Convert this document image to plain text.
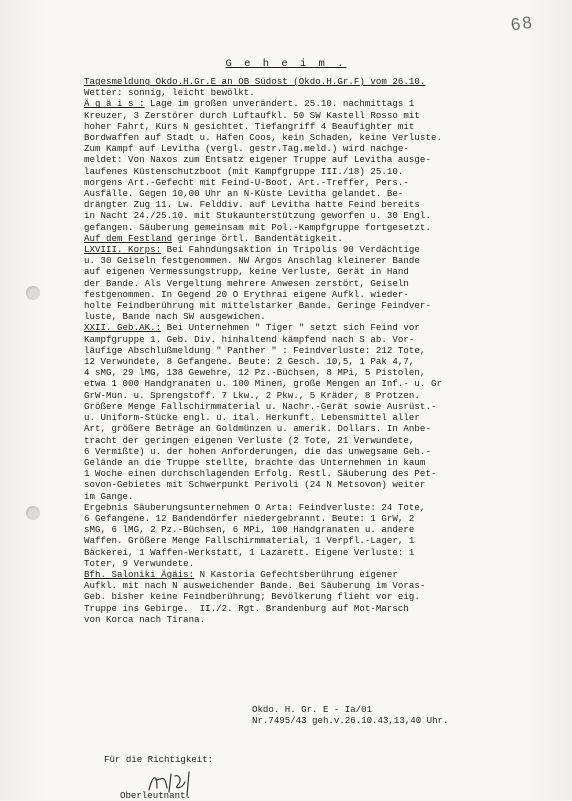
68
G e h e i m .
Tagesmeldung Okdo.H.Gr.E an OB Südost (Okdo.H.Gr.F) vom 26.10.
Wetter: sonnig, leicht bewölkt.
Ä g ä i s : Lage im großen unverändert. 25.10. nachmittags 1
Kreuzer, 3 Zerstörer durch Luftaufkl. 50 SW Kastell Rosso mit
hoher Fahrt, Kurs N gesichtet. Tiefangriff 4 Beaufighter mit
Bordwaffen auf Stadt u. Hafen Coos, kein Schaden, keine Verluste.
Zum Kampf auf Levitha (vergl. gestr.Tag.meld.) wird nachge-
meldet: Von Naxos zum Entsatz eigener Truppe auf Levitha ausge-
laufenes Küstenschutzboot (mit Kampfgruppe III./18) 25.10.
morgens Art.-Gefecht mit Feind-U-Boot. Art.-Treffer, Pers.-
Ausfälle. Gegen 10,00 Uhr an N-Küste Levitha gelandet. Be-
drängter Zug 11. Lw. Felddiv. auf Levitha hatte Feind bereits
in Nacht 24./25.10. mit Stukaunterstützung geworfen u. 30 Engl.
gefangen. Säuberung gemeinsam mit Pol.-Kampfgruppe fortgesetzt.
Auf dem Festland geringe örtl. Bandentätigkeit.
LXVIII. Korps: Bei Fahndungsaktion in Tripolis 90 Verdächtige
u. 30 Geiseln festgenommen. NW Argos Anschlag kleinerer Bande
auf eigenen Vermessungstrupp, keine Verluste, Gerät in Hand
der Bande. Als Vergeltung mehrere Anwesen zerstört, Geiseln
festgenommen. In Gegend 20 O Erythrai eigene Aufkl. wieder-
holte Feindberührung mit mittelstarker Bande. Geringe Feindver-
luste, Bande nach SW ausgewichen.
XXII. Geb.AK.: Bei Unternehmen " Tiger " setzt sich Feind vor
Kampfgruppe 1. Geb. Div. hinhaltend kämpfend nach S ab. Vor-
läufige Abschlußmeldung " Panther " : Feindverluste: 212 Tote,
12 Verwundete, 8 Gefangene. Beute: 2 Gesch. 10,5, 1 Pak 4,7,
4 sMG, 29 lMG, 138 Gewehre, 12 Pz.-Büchsen, 8 MPi, 5 Pistolen,
etwa 1 000 Handgranaten u. 100 Minen, große Mengen an Inf.- u. Gr
GrW-Mun. u. Sprengstoff. 7 Lkw., 2 Pkw., 5 Kräder, 8 Protzen.
Größere Menge Fallschirmmaterial u. Nachr.-Gerät sowie Ausrüst.-
u. Uniform-Stücke engl. u. ital. Herkunft. Lebensmittel aller
Art, größere Beträge an Goldmünzen u. amerik. Dollars. In Anbe-
tracht der geringen eigenen Verluste (2 Tote, 21 Verwundete,
6 Vermißte) u. der hohen Anforderungen, die das unwegsame Geb.-
Gelände an die Truppe stellte, brachte das Unternehmen in kaum
1 Woche einen durchschlagenden Erfolg. Restl. Säuberung des Pet-
sovon-Gebietes mit Schwerpunkt Perivoli (24 N Metsovon) weiter
im Gange.
Ergebnis Säuberungsunternehmen O Arta: Feindverluste: 24 Tote,
6 Gefangene. 12 Bandendörfer niedergebrannt. Beute: 1 GrW, 2
sMG, 6 lMG, 2 Pz.-Büchsen, 6 MPi, 100 Handgranaten u. andere
Waffen. Größere Menge Fallschirmmaterial, 1 Verpfl.-Lager, 1
Bäckerei, 1 Waffen-Werkstatt, 1 Lazarett. Eigene Verluste: 1
Toter, 9 Verwundete.
Bfh. Saloniki Ägäis: N Kastoria Gefechtsberührung eigener
Aufkl. mit nach N ausweichender Bande. Bei Säuberung im Voras-
Geb. bisher keine Feindberührung; Bevölkerung flieht vor eig.
Truppe ins Gebirge.  II./2. Rgt. Brandenburg auf Mot-Marsch
von Korca nach Tirana.
Okdo. H. Gr. E - Ia/01
Nr.7495/43 geh.v.26.10.43,13,40 Uhr.
Für die Richtigkeit:
Oberleutnant.
